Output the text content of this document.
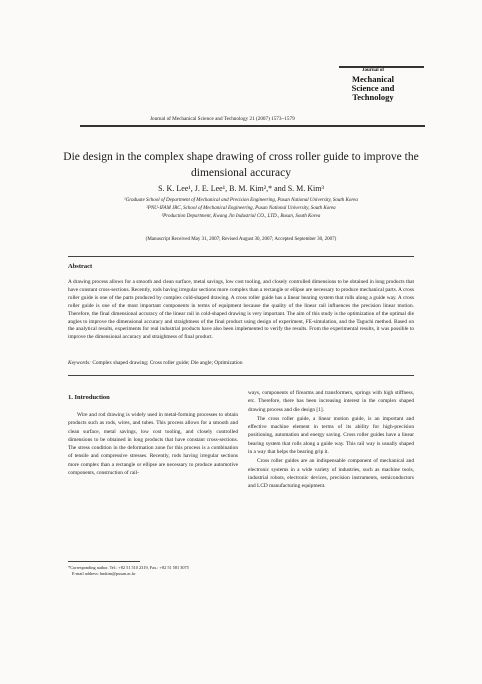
Journal of
Mechanical
Science and
Technology
Journal of Mechanical Science and Technology 21 (2007) 1573~1579
Die design in the complex shape drawing of cross roller guide to improve the dimensional accuracy
S. K. Lee¹, J. E. Lee¹, B. M. Kim²,* and S. M. Kim³
¹Graduate School of Department of Mechanical and Precision Engineering, Pusan National University, South Korea
²PNU-IFAM JRC, School of Mechanical Engineering, Pusan National University, South Korea
³Production Department, Kwang Jin Industrial CO., LTD., Busan, South Korea
(Manuscript Received May 31, 2007; Revised August 30, 2007; Accepted September 30, 2007)
Abstract
A drawing process allows for a smooth and clean surface, metal savings, low cost tooling, and closely controlled dimensions to be obtained in long products that have constant cross-sections. Recently, rods having irregular sections more complex than a rectangle or ellipse are necessary to produce mechanical parts. A cross roller guide is one of the parts produced by complex cold-shaped drawing. A cross roller guide has a linear bearing system that rolls along a guide way. A cross roller guide is one of the most important components in terms of equipment because the quality of the linear rail influences the precision linear motion. Therefore, the final dimensional accuracy of the linear rail in cold-shaped drawing is very important. The aim of this study is the optimization of the optimal die angles to improve the dimensional accuracy and straightness of the final product using design of experiment, FE-simulation, and the Taguchi method. Based on the analytical results, experiments for real industrial products have also been implemented to verify the results. From the experimental results, it was possible to improve the dimensional accuracy and straightness of final product.
Keywords: Complex shaped drawing; Cross roller guide; Die angle; Optimization
1. Introduction

Wire and rod drawing is widely used in metal-forming processes to obtain products such as rods, wires, and tubes. This process allows for a smooth and clean surface, metal savings, low cost tooling, and closely controlled dimensions to be obtained in long products that have constant cross-sections. The stress condition in the deformation zone for this process is a combination of tensile and compressive stresses. Recently, rods having irregular sections more complex than a rectangle or ellipse are necessary to produce automotive components, construction of rail-

ways, components of firearms and transformers, springs with high stiffness, etc. Therefore, there has been increasing interest in the complex shaped drawing process and die design [1].

The cross roller guide, a linear motion guide, is an important and effective machine element in terms of its ability for high-precision positioning, automation and energy saving. Cross roller guides have a linear bearing system that rolls along a guide way. This rail way is usually shaped in a way that helps the bearing grip it.

Cross roller guides are an indispensable component of mechanical and electronic systems in a wide variety of industries, such as machine tools, industrial robots, electronic devices, precision instruments, semiconductors and LCD manufacturing equipment.

*Corresponding author. Tel.: +82 51 510 2319, Fax.: +82 51 581 3075
E-mail address: bmkim@pusan.ac.kr
